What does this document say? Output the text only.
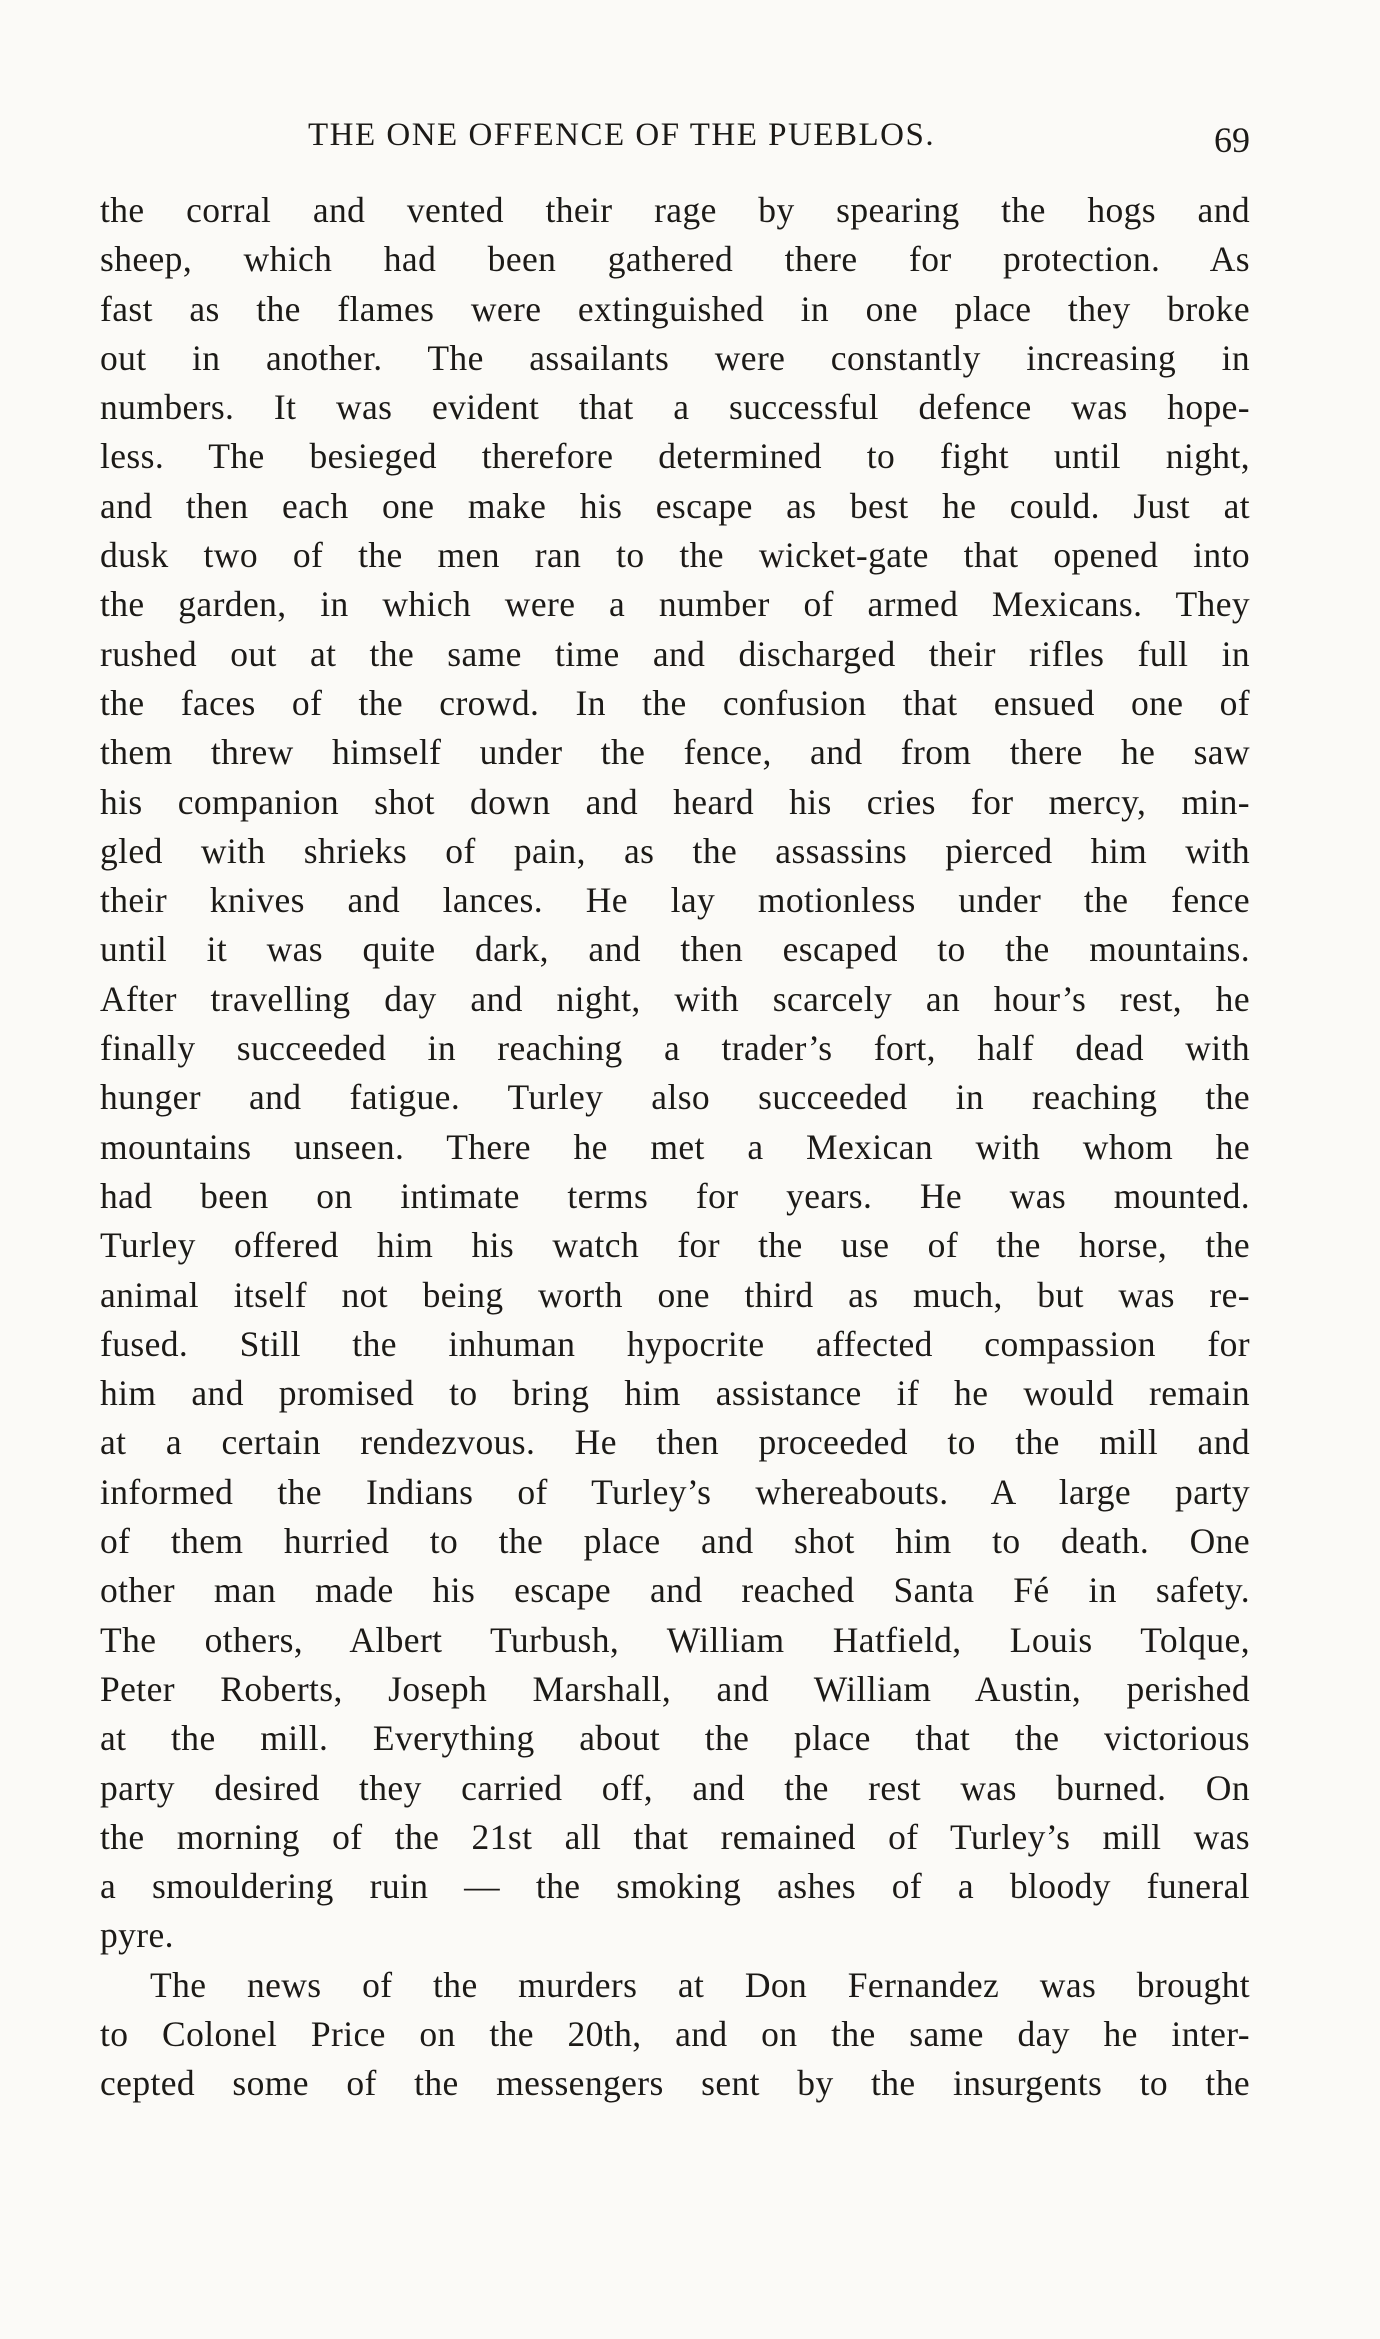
THE ONE OFFENCE OF THE PUEBLOS.	69
the corral and vented their rage by spearing the hogs and
sheep, which had been gathered there for protection. As
fast as the flames were extinguished in one place they broke
out in another. The assailants were constantly increasing in
numbers. It was evident that a successful defence was hope-
less. The besieged therefore determined to fight until night,
and then each one make his escape as best he could. Just at
dusk two of the men ran to the wicket-gate that opened into
the garden, in which were a number of armed Mexicans. They
rushed out at the same time and discharged their rifles full in
the faces of the crowd. In the confusion that ensued one of
them threw himself under the fence, and from there he saw
his companion shot down and heard his cries for mercy, min-
gled with shrieks of pain, as the assassins pierced him with
their knives and lances. He lay motionless under the fence
until it was quite dark, and then escaped to the mountains.
After travelling day and night, with scarcely an hour’s rest, he
finally succeeded in reaching a trader’s fort, half dead with
hunger and fatigue. Turley also succeeded in reaching the
mountains unseen. There he met a Mexican with whom he
had been on intimate terms for years. He was mounted.
Turley offered him his watch for the use of the horse, the
animal itself not being worth one third as much, but was re-
fused. Still the inhuman hypocrite affected compassion for
him and promised to bring him assistance if he would remain
at a certain rendezvous. He then proceeded to the mill and
informed the Indians of Turley’s whereabouts. A large party
of them hurried to the place and shot him to death. One
other man made his escape and reached Santa Fé in safety.
The others, Albert Turbush, William Hatfield, Louis Tolque,
Peter Roberts, Joseph Marshall, and William Austin, perished
at the mill. Everything about the place that the victorious
party desired they carried off, and the rest was burned. On
the morning of the 21st all that remained of Turley’s mill was
a smouldering ruin — the smoking ashes of a bloody funeral
pyre.
The news of the murders at Don Fernandez was brought
to Colonel Price on the 20th, and on the same day he inter-
cepted some of the messengers sent by the insurgents to the
